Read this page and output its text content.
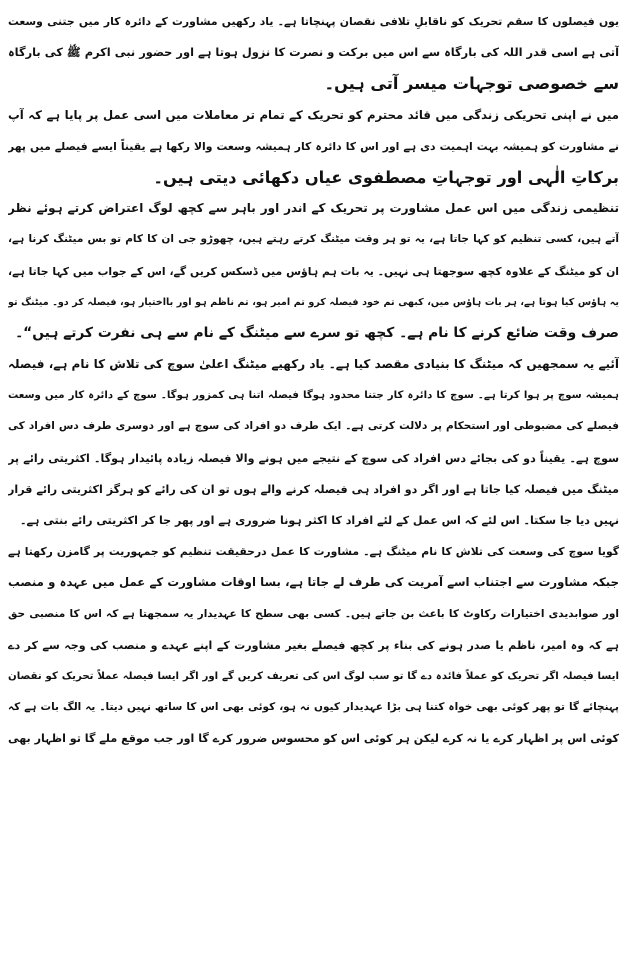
یوں فیصلوں کا سقم تحریک کو ناقابلِ تلافی نقصان پہنچاتا ہے۔ یاد رکھیں مشاورت کے دائرہ کار میں جتنی وسعت
آتی ہے اسی قدر اللہ کی بارگاہ سے اس میں برکت و نصرت کا نزول ہوتا ہے اور حضور نبی اکرم ﷺ کی بارگاہ
سے خصوصی توجہات میسر آتی ہیں۔
میں نے اپنی تحریکی زندگی میں قائد محترم کو تحریک کے تمام تر معاملات میں اسی عمل پر پایا ہے کہ آپ
نے مشاورت کو ہمیشہ بہت اہمیت دی ہے اور اس کا دائرہ کار ہمیشہ وسعت والا رکھا ہے یقیناً ایسے فیصلے میں پھر
برکاتِ الٰہی اور توجہاتِ مصطفوی عیاں دکھائی دیتی ہیں۔
تنظیمی زندگی میں اس عمل مشاورت پر تحریک کے اندر اور باہر سے کچھ لوگ اعتراض کرتے ہوئے نظر
آتے ہیں، کسی تنظیم کو کہا جاتا ہے، یہ تو ہر وقت میٹنگ کرتے رہتے ہیں، چھوڑو جی ان کا کام تو بس میٹنگ کرنا ہے،
ان کو میٹنگ کے علاوہ کچھ سوجھتا ہی نہیں۔ یہ بات ہم ہاؤس میں ڈسکس کریں گے، اس کے جواب میں کہا جاتا ہے،
یہ ہاؤس کیا ہوتا ہے، ہر بات ہاؤس میں، کبھی تم خود فیصلہ کرو تم امیر ہو، تم ناظم ہو اور بااختیار ہو، فیصلہ کر دو۔ میٹنگ تو
صرف وقت ضائع کرنے کا نام ہے۔ کچھ تو سرے سے میٹنگ کے نام سے ہی نفرت کرتے ہیں“۔
آئیے یہ سمجھیں کہ میٹنگ کا بنیادی مقصد کیا ہے۔ یاد رکھیے میٹنگ اعلیٰ سوچ کی تلاش کا نام ہے، فیصلہ
ہمیشہ سوچ پر ہوا کرتا ہے۔ سوچ کا دائرہ کار جتنا محدود ہوگا فیصلہ اتنا ہی کمزور ہوگا۔ سوچ کے دائرہ کار میں وسعت
فیصلے کی مضبوطی اور استحکام پر دلالت کرتی ہے۔ ایک طرف دو افراد کی سوچ ہے اور دوسری طرف دس افراد کی
سوچ ہے۔ یقیناً دو کی بجائے دس افراد کی سوچ کے نتیجے میں ہونے والا فیصلہ زیادہ پائیدار ہوگا۔ اکثریتی رائے پر
میٹنگ میں فیصلہ کیا جاتا ہے اور اگر دو افراد ہی فیصلہ کرنے والے ہوں تو ان کی رائے کو ہرگز اکثریتی رائے قرار
نہیں دیا جا سکتا۔ اس لئے کہ اس عمل کے لئے افراد کا اکثر ہونا ضروری ہے اور پھر جا کر اکثریتی رائے بنتی ہے۔
گویا سوچ کی وسعت کی تلاش کا نام میٹنگ ہے۔ مشاورت کا عمل درحقیقت تنظیم کو جمہوریت پر گامزن رکھتا ہے
جبکہ مشاورت سے اجتناب اسے آمریت کی طرف لے جاتا ہے، بسا اوقات مشاورت کے عمل میں عہدہ و منصب
اور صوابدیدی اختیارات رکاوٹ کا باعث بن جاتے ہیں۔ کسی بھی سطح کا عہدیدار یہ سمجھتا ہے کہ اس کا منصبی حق
ہے کہ وہ امیر، ناظم یا صدر ہونے کی بناء پر کچھ فیصلے بغیر مشاورت کے اپنے عہدے و منصب کی وجہ سے کر دے
ایسا فیصلہ اگر تحریک کو عملاً فائدہ دے گا تو سب لوگ اس کی تعریف کریں گے اور اگر ایسا فیصلہ عملاً تحریک کو نقصان
پہنچائے گا تو پھر کوئی بھی خواہ کتنا ہی بڑا عہدیدار کیوں نہ ہو، کوئی بھی اس کا ساتھ نہیں دیتا۔ یہ الگ بات ہے کہ
کوئی اس پر اظہار کرے یا نہ کرے لیکن ہر کوئی اس کو محسوس ضرور کرے گا اور جب موقع ملے گا تو اظہار بھی
